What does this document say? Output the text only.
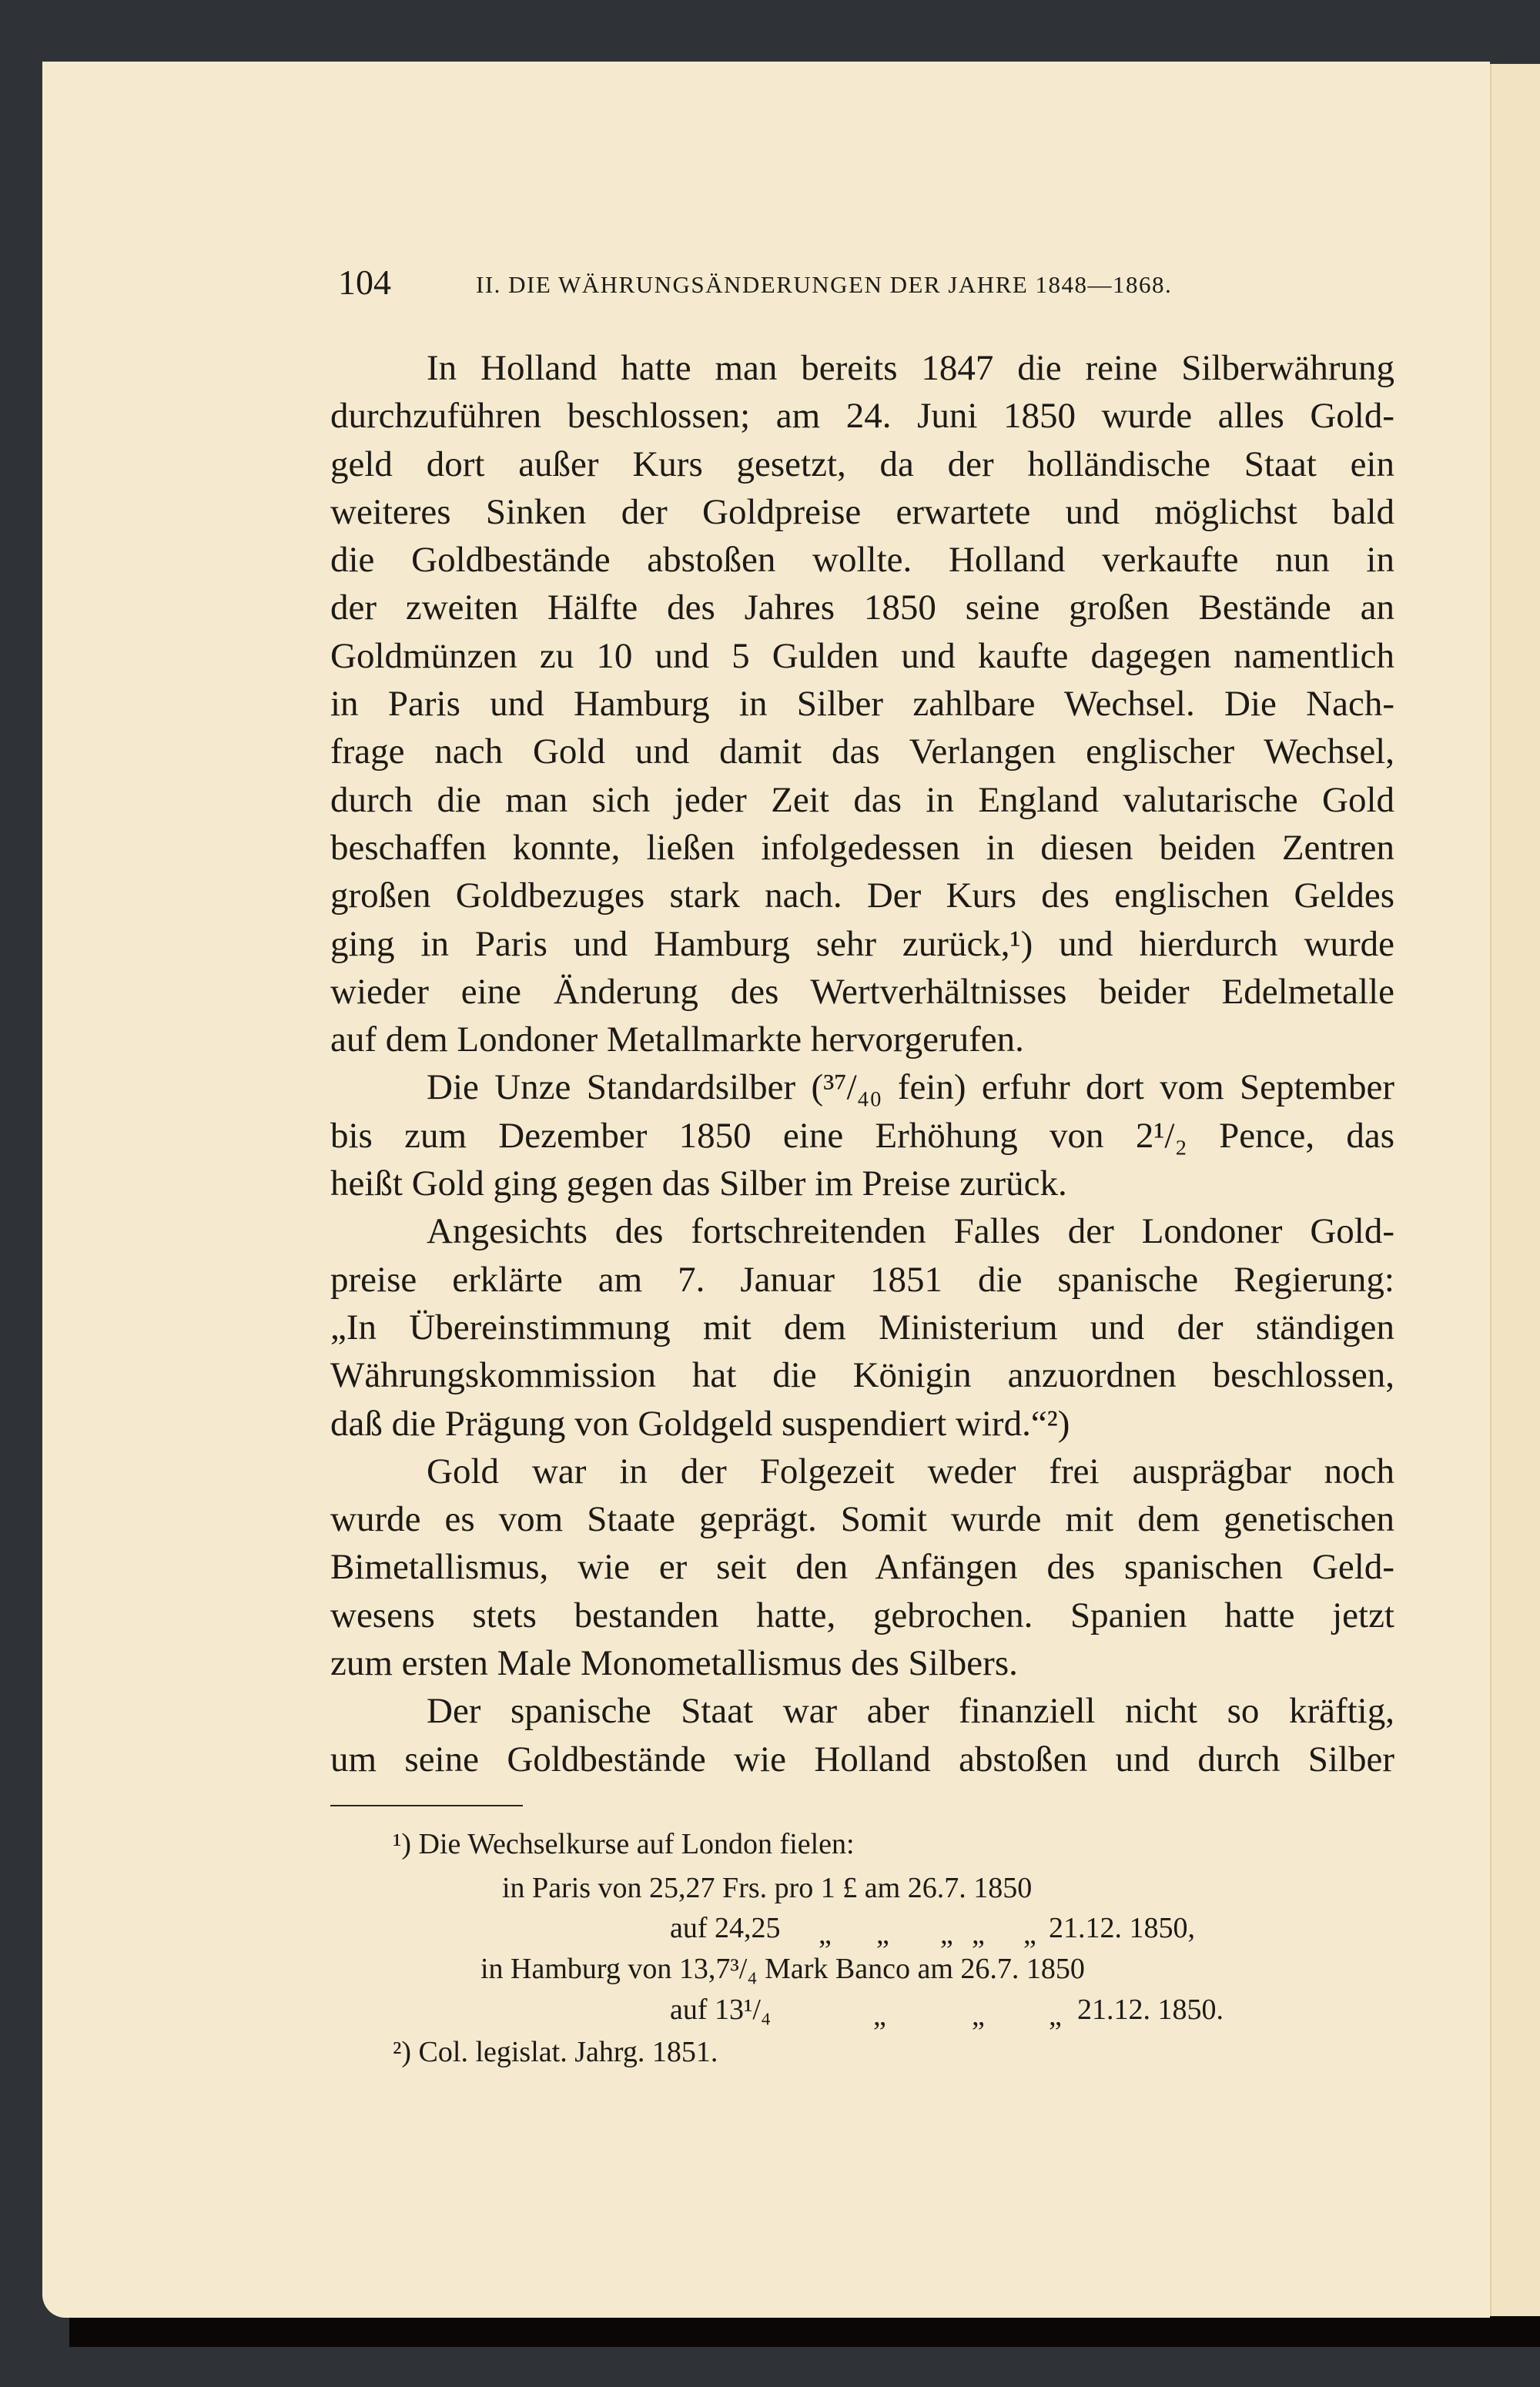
104	II. DIE WÄHRUNGSÄNDERUNGEN DER JAHRE 1848—1868.
In Holland hatte man bereits 1847 die reine Silberwährung
durchzuführen beschlossen; am 24. Juni 1850 wurde alles Gold-
geld dort außer Kurs gesetzt, da der holländische Staat ein
weiteres Sinken der Goldpreise erwartete und möglichst bald
die Goldbestände abstoßen wollte. Holland verkaufte nun in
der zweiten Hälfte des Jahres 1850 seine großen Bestände an
Goldmünzen zu 10 und 5 Gulden und kaufte dagegen namentlich
in Paris und Hamburg in Silber zahlbare Wechsel. Die Nach-
frage nach Gold und damit das Verlangen englischer Wechsel,
durch die man sich jeder Zeit das in England valutarische Gold
beschaffen konnte, ließen infolgedessen in diesen beiden Zentren
großen Goldbezuges stark nach. Der Kurs des englischen Geldes
ging in Paris und Hamburg sehr zurück,¹) und hierdurch wurde
wieder eine Änderung des Wertverhältnisses beider Edelmetalle
auf dem Londoner Metallmarkte hervorgerufen.
Die Unze Standardsilber (³⁷/₄₀ fein) erfuhr dort vom September
bis zum Dezember 1850 eine Erhöhung von 2¹/₂ Pence, das
heißt Gold ging gegen das Silber im Preise zurück.
Angesichts des fortschreitenden Falles der Londoner Gold-
preise erklärte am 7. Januar 1851 die spanische Regierung:
„In Übereinstimmung mit dem Ministerium und der ständigen
Währungskommission hat die Königin anzuordnen beschlossen,
daß die Prägung von Goldgeld suspendiert wird.“²)
Gold war in der Folgezeit weder frei ausprägbar noch
wurde es vom Staate geprägt. Somit wurde mit dem genetischen
Bimetallismus, wie er seit den Anfängen des spanischen Geld-
wesens stets bestanden hatte, gebrochen. Spanien hatte jetzt
zum ersten Male Monometallismus des Silbers.
Der spanische Staat war aber finanziell nicht so kräftig,
um seine Goldbestände wie Holland abstoßen und durch Silber
¹) Die Wechselkurse auf London fielen:
in Paris von 25,27 Frs. pro 1 £ am 26.7. 1850
auf 24,25 „ „ „ „ „ 21.12. 1850,
in Hamburg von 13,7³/₄ Mark Banco am 26.7. 1850
auf 13¹/₄	„	„ „ 21.12. 1850.
²) Col. legislat. Jahrg. 1851.
